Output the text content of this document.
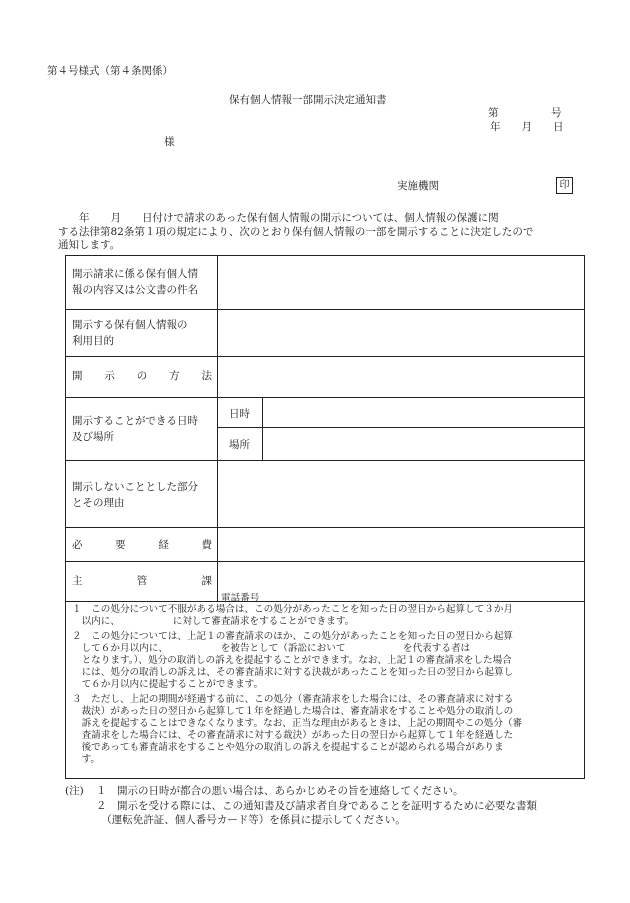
第４号様式（第４条関係）
保有個人情報一部開示決定通知書
第　　　　　号
年　　月　　日
様
実施機関	印
　　年　　月　　日付けで請求のあった保有個人情報の開示については、個人情報の保護に関
する法律第82条第１項の規定により、次のとおり保有個人情報の一部を開示することに決定したので
通知します。
開示請求に係る保有個人情
報の内容又は公文書の件名
開示する保有個人情報の
利用目的
開 示 の 方 法
開示することができる日時
及び場所
日時
場所
開示しないこととした部分
とその理由
必	要	経	費
主	管	課
電話番号
１　この処分について不服がある場合は、この処分があったことを知った日の翌日から起算して３か月
　以内に、　　　　　　に対して審査請求をすることができます。
２　この処分については、上記１の審査請求のほか、この処分があったことを知った日の翌日から起算
　して６か月以内に、　　　　　　を被告として（訴訟において　　　　　　を代表する者は
　となります。）、処分の取消しの訴えを提起することができます。なお、上記１の審査請求をした場合
　には、処分の取消しの訴えは、その審査請求に対する決裁があったことを知った日の翌日から起算し
　て６か月以内に提起することができます。
３　ただし、上記の期間が経過する前に、この処分（審査請求をした場合には、その審査請求に対する
　裁決）があった日の翌日から起算して１年を経過した場合は、審査請求をすることや処分の取消しの
　訴えを提起することはできなくなります。なお、正当な理由があるときは、上記の期間やこの処分（審
　査請求をした場合には、その審査請求に対する裁決）があった日の翌日から起算して１年を経過した
　後であっても審査請求をすることや処分の取消しの訴えを提起することが認められる場合がありま
　す。
(注) １　開示の日時が都合の悪い場合は、あらかじめその旨を連絡してください。
２　開示を受ける際には、この通知書及び請求者自身であることを証明するために必要な書類
　（運転免許証、個人番号カード等）を係員に提示してください。
